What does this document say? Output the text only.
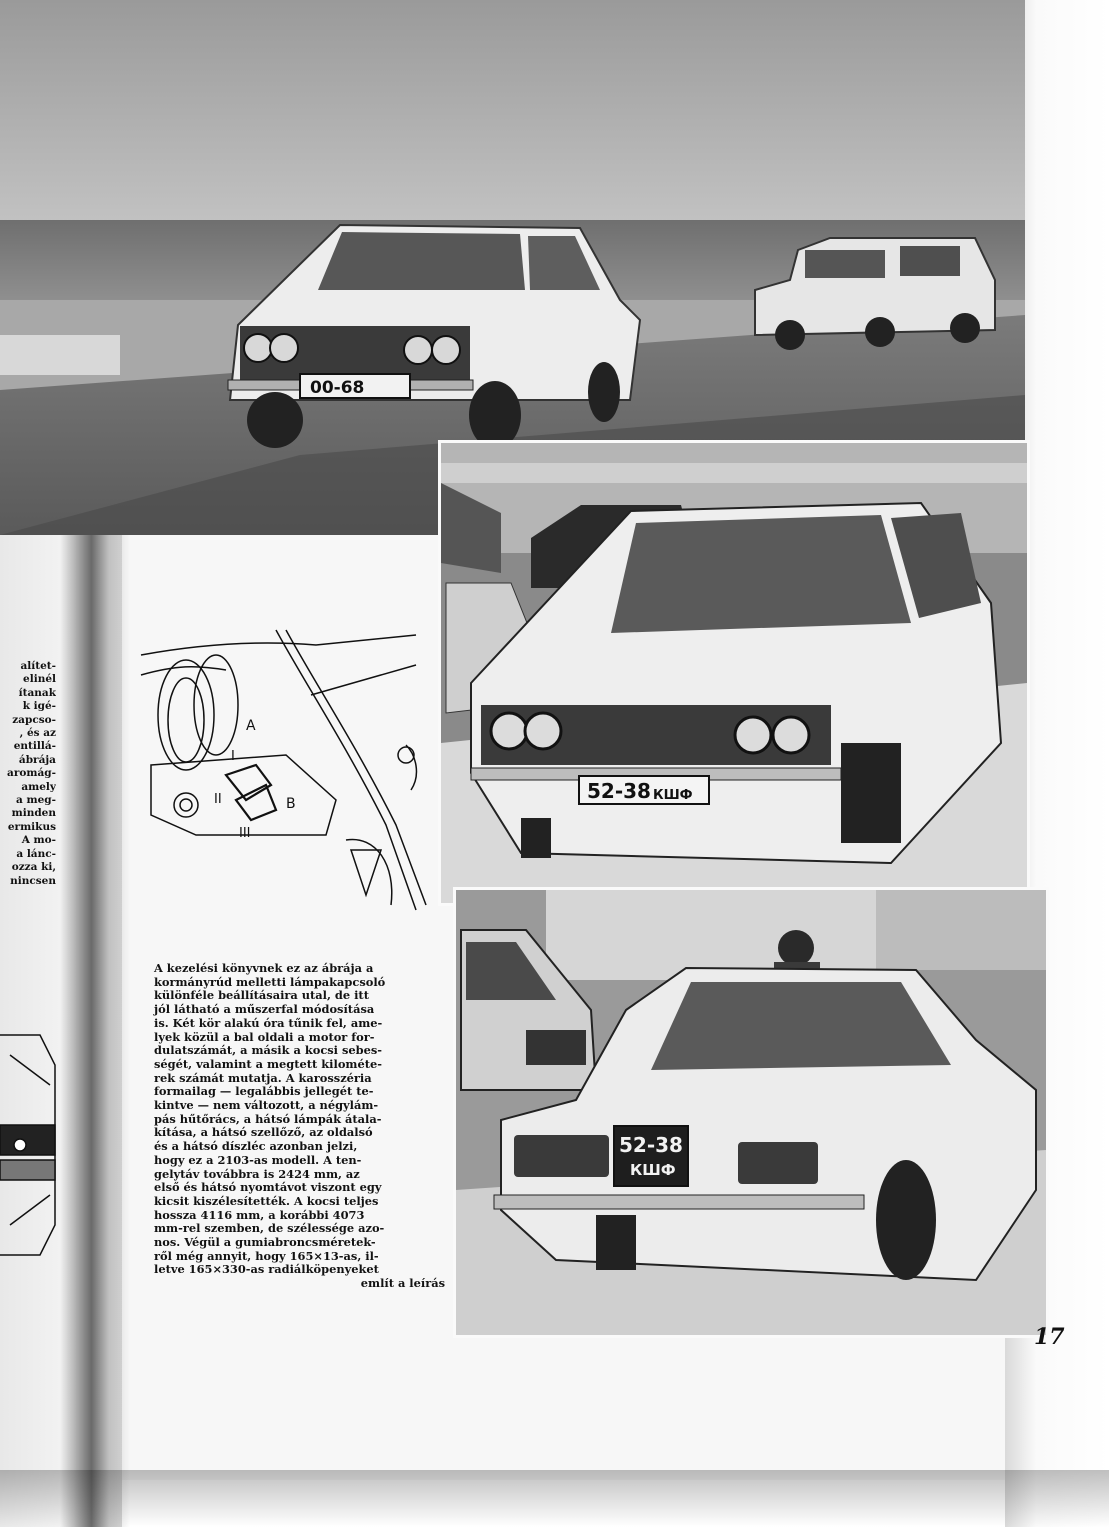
00-68
52-38 КШФ
52-38
КШФ
A
B
I
II
III
alítet-
elinél
ítanak
k igé-
zapcso-
, és az
entillá-
ábrája
aromág-
amely
a meg-
minden
ermikus
A mo-
a lánc-
ozza ki,
nincsen
A kezelési könyvnek ez az ábrája a
kormányrúd melletti lámpakapcsoló
különféle beállításaira utal, de itt
jól látható a műszerfal módosítása
is. Két kör alakú óra tűnik fel, ame-
lyek közül a bal oldali a motor for-
dulatszámát, a másik a kocsi sebes-
ségét, valamint a megtett kilométe-
rek számát mutatja. A karosszéria
formailag — legalábbis jellegét te-
kintve — nem változott, a négylám-
pás hűtőrács, a hátsó lámpák átala-
kítása, a hátsó szellőző, az oldalsó
és a hátsó díszléc azonban jelzi,
hogy ez a 2103-as modell. A ten-
gelytáv továbbra is 2424 mm, az
első és hátsó nyomtávot viszont egy
kicsit kiszélesítették. A kocsi teljes
hossza 4116 mm, a korábbi 4073
mm-rel szemben, de szélessége azo-
nos. Végül a gumiabroncsméretek-
ről még annyit, hogy 165×13-as, il-
letve 165×330-as radiálköpenyeket
említ a leírás
17
